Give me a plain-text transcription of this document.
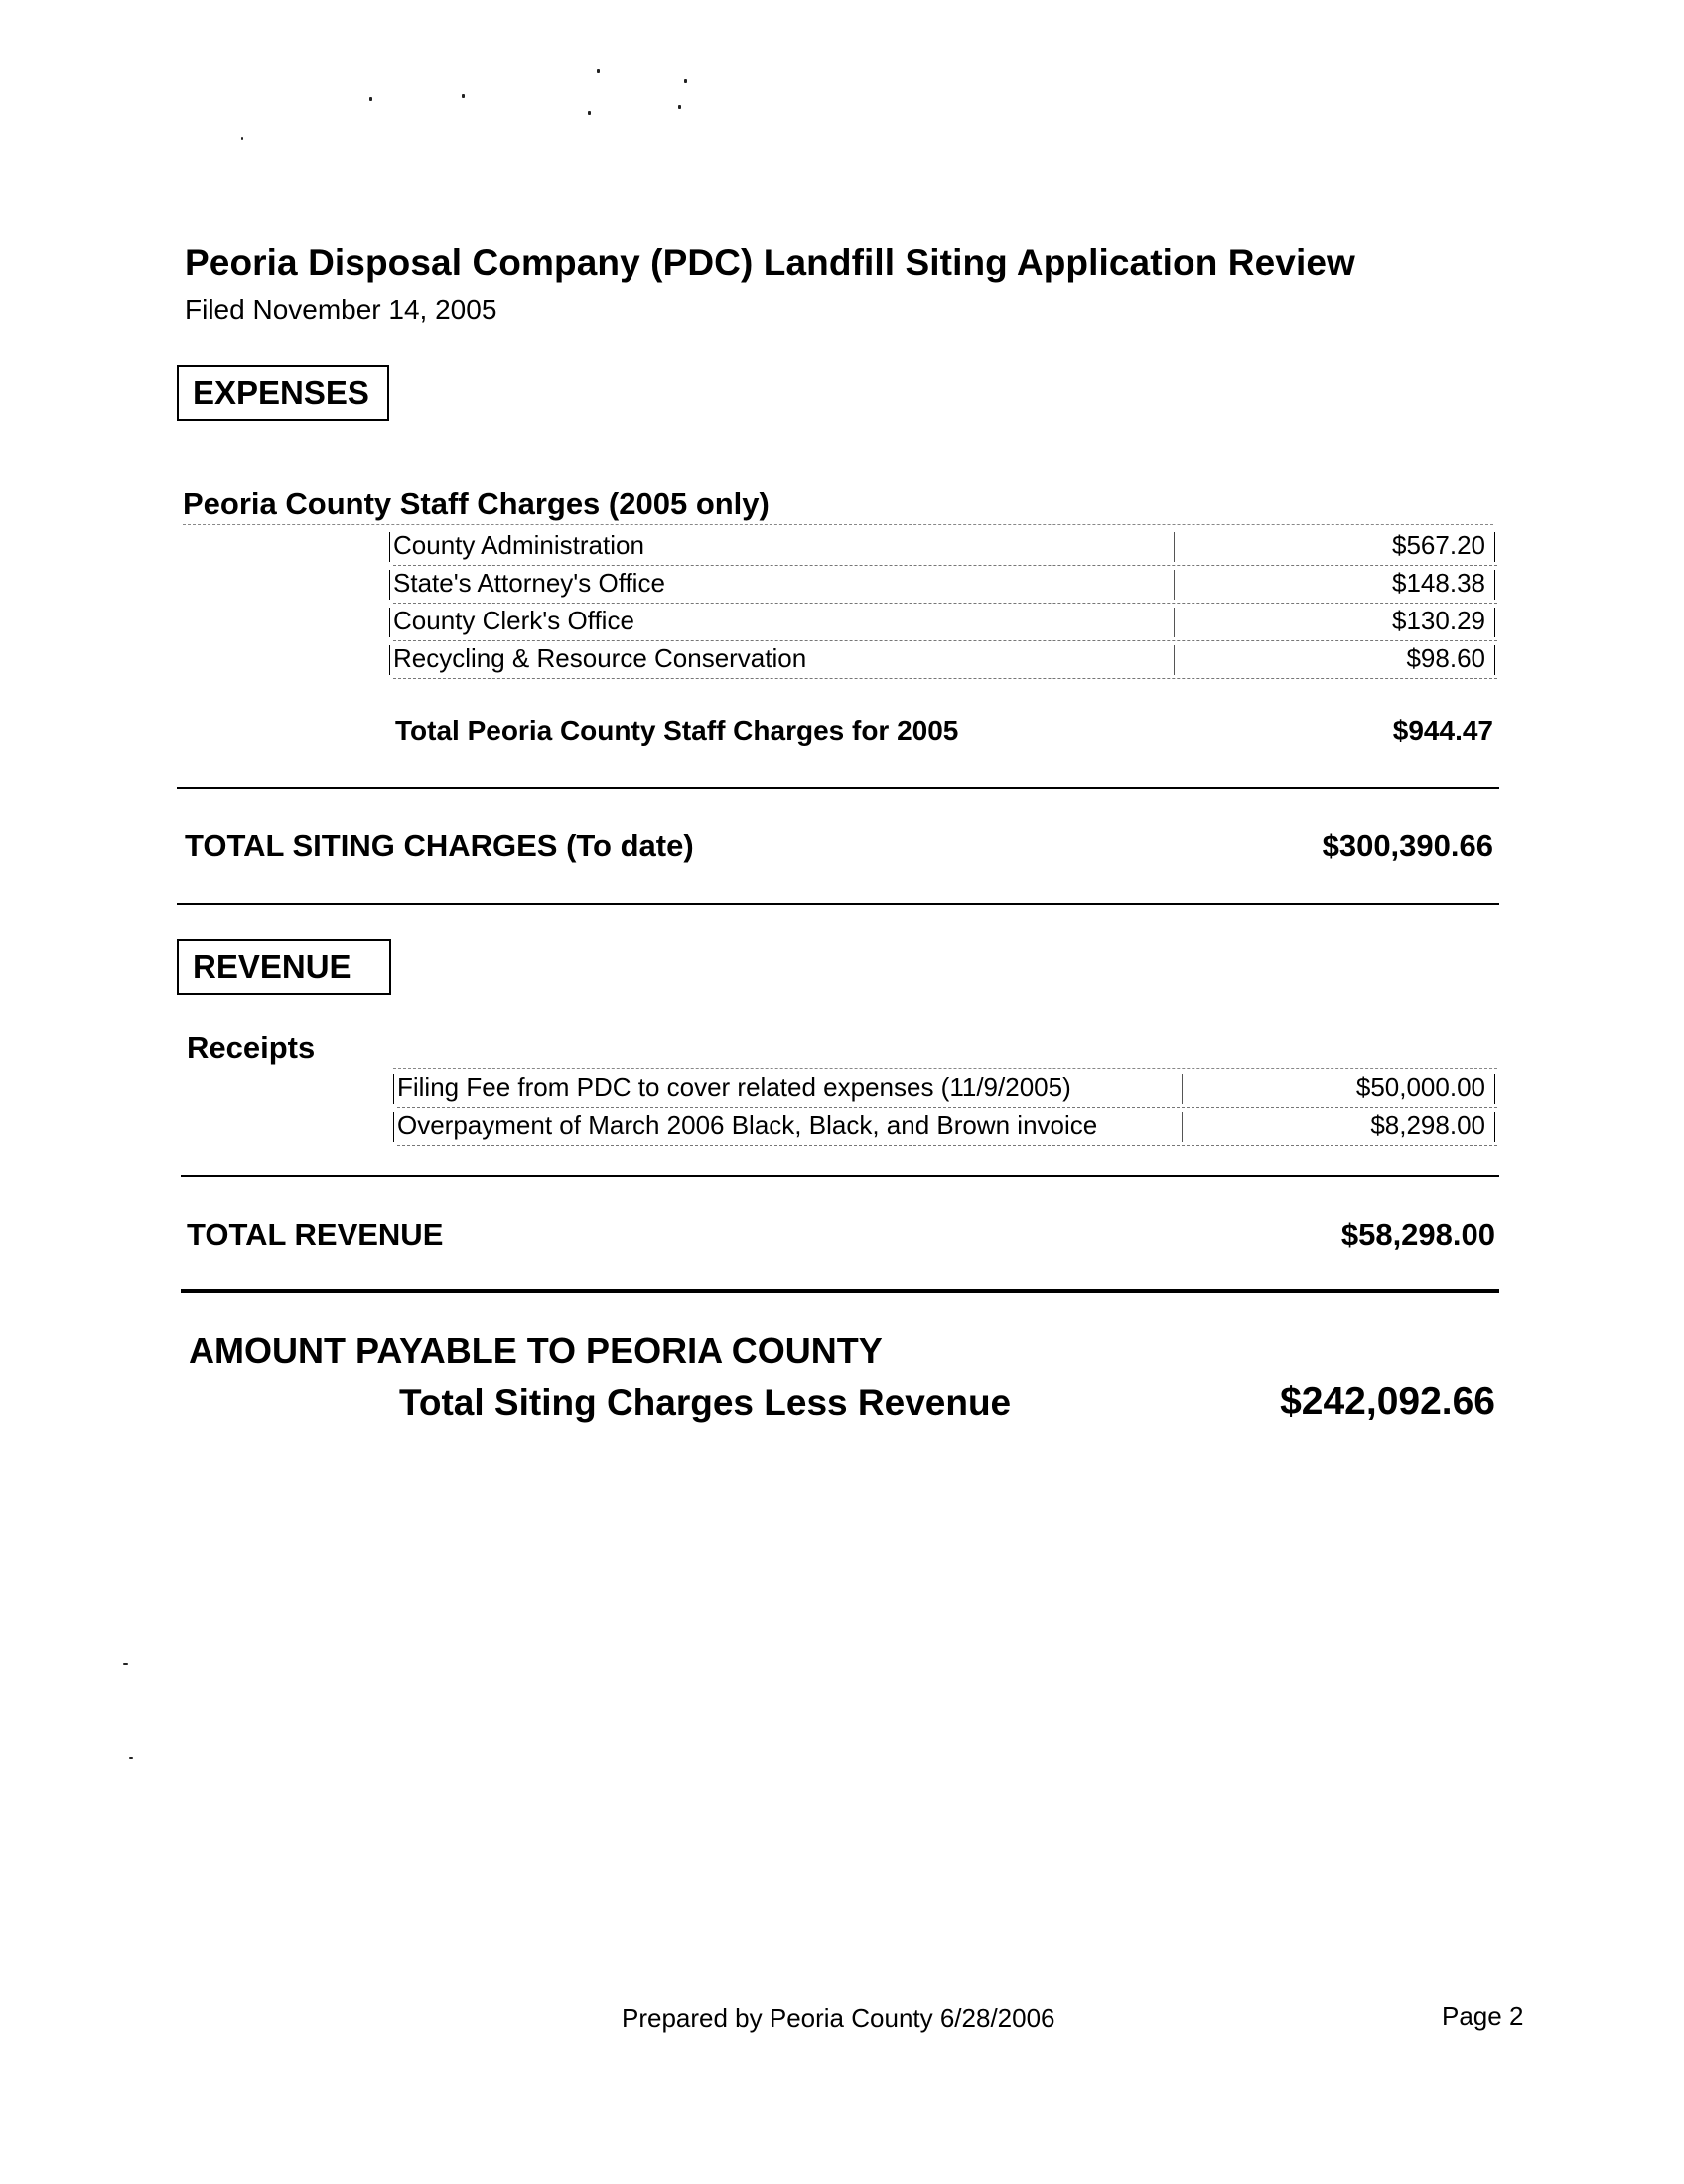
Peoria Disposal Company (PDC) Landfill Siting Application Review
Filed November 14, 2005
EXPENSES
Peoria County Staff Charges (2005 only)
County Administration	$567.20
State's Attorney's Office	$148.38
County Clerk's Office	$130.29
Recycling & Resource Conservation	$98.60
Total Peoria County Staff Charges for 2005	$944.47
TOTAL SITING CHARGES (To date)	$300,390.66
REVENUE
Receipts
Filing Fee from PDC to cover related expenses (11/9/2005)	$50,000.00
Overpayment of March 2006 Black, Black, and Brown invoice	$8,298.00
TOTAL REVENUE	$58,298.00
AMOUNT PAYABLE TO PEORIA COUNTY
Total Siting Charges Less Revenue	$242,092.66
Prepared by Peoria County 6/28/2006	Page 2
